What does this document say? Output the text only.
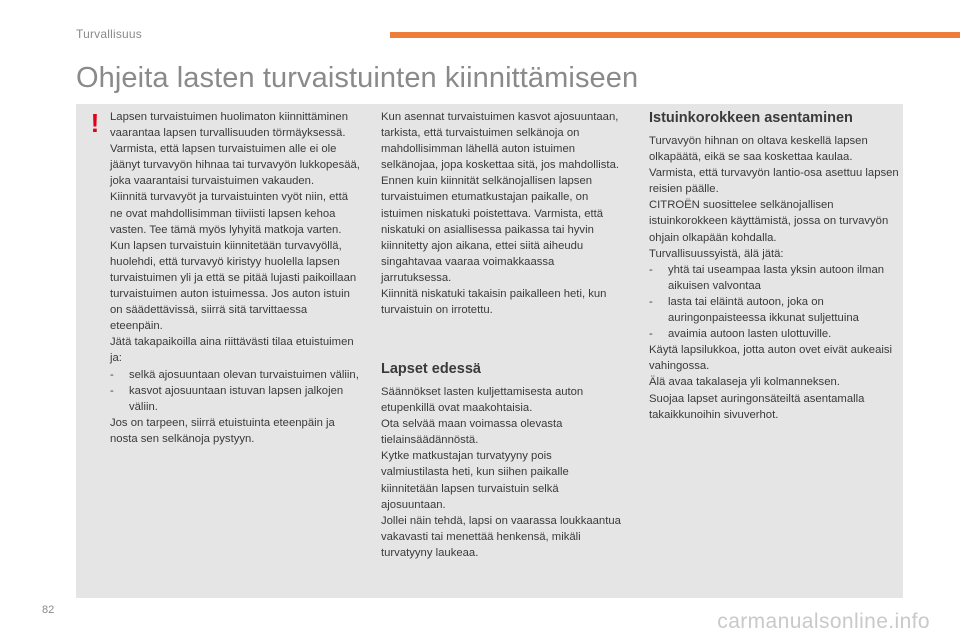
Turvallisuus
Ohjeita lasten turvaistuinten kiinnittämiseen
! Lapsen turvaistuimen huolimaton kiinnittäminen vaarantaa lapsen turvallisuuden törmäyksessä.

Varmista, että lapsen turvaistuimen alle ei ole jäänyt turvavyön hihnaa tai turvavyön lukkopesää, joka vaarantaisi turvaistuimen vakauden.

Kiinnitä turvavyöt ja turvaistuinten vyöt niin, että ne ovat mahdollisimman tiiviisti lapsen kehoa vasten. Tee tämä myös lyhyitä matkoja varten.

Kun lapsen turvaistuin kiinnitetään turvavyöllä, huolehdi, että turvavyö kiristyy huolella lapsen turvaistuimen yli ja että se pitää lujasti paikoillaan turvaistuimen auton istuimessa. Jos auton istuin on säädettävissä, siirrä sitä tarvittaessa eteenpäin.

Jätä takapaikoilla aina riittävästi tilaa etuistuimen ja:

- selkä ajosuuntaan olevan turvaistuimen väliin,
- kasvot ajosuuntaan istuvan lapsen jalkojen väliin.

Jos on tarpeen, siirrä etuistuinta eteenpäin ja nosta sen selkänoja pystyyn.

Kun asennat turvaistuimen kasvot ajosuuntaan, tarkista, että turvaistuimen selkänoja on mahdollisimman lähellä auton istuimen selkänojaa, jopa koskettaa sitä, jos mahdollista.

Ennen kuin kiinnität selkänojallisen lapsen turvaistuimen etumatkustajan paikalle, on istuimen niskatuki poistettava. Varmista, että niskatuki on asiallisessa paikassa tai hyvin kiinnitetty ajon aikana, ettei siitä aiheudu singahtavaa vaaraa voimakkaassa jarrutuksessa.

Kiinnitä niskatuki takaisin paikalleen heti, kun turvaistuin on irrotettu.

Lapset edessä

Säännökset lasten kuljettamisesta auton etupenkillä ovat maakohtaisia.

Ota selvää maan voimassa olevasta tielainsäädännöstä.

Kytke matkustajan turvatyyny pois valmiustilasta heti, kun siihen paikalle kiinnitetään lapsen turvaistuin selkä ajosuuntaan.

Jollei näin tehdä, lapsi on vaarassa loukkaantua vakavasti tai menettää henkensä, mikäli turvatyyny laukeaa.

Istuinkorokkeen asentaminen

Turvavyön hihnan on oltava keskellä lapsen olkapäätä, eikä se saa koskettaa kaulaa.

Varmista, että turvavyön lantio-osa asettuu lapsen reisien päälle.

CITROËN suosittelee selkänojallisen istuinkorokkeen käyttämistä, jossa on turvavyön ohjain olkapään kohdalla.

Turvallisuussyistä, älä jätä:

- yhtä tai useampaa lasta yksin autoon ilman aikuisen valvontaa
- lasta tai eläintä autoon, joka on auringonpaisteessa ikkunat suljettuina
- avaimia autoon lasten ulottuville.

Käytä lapsilukkoa, jotta auton ovet eivät aukeaisi vahingossa.

Älä avaa takalaseja yli kolmanneksen.

Suojaa lapset auringonsäteiltä asentamalla takaikkunoihin sivuverhot.

82	carmanualsonline.info
